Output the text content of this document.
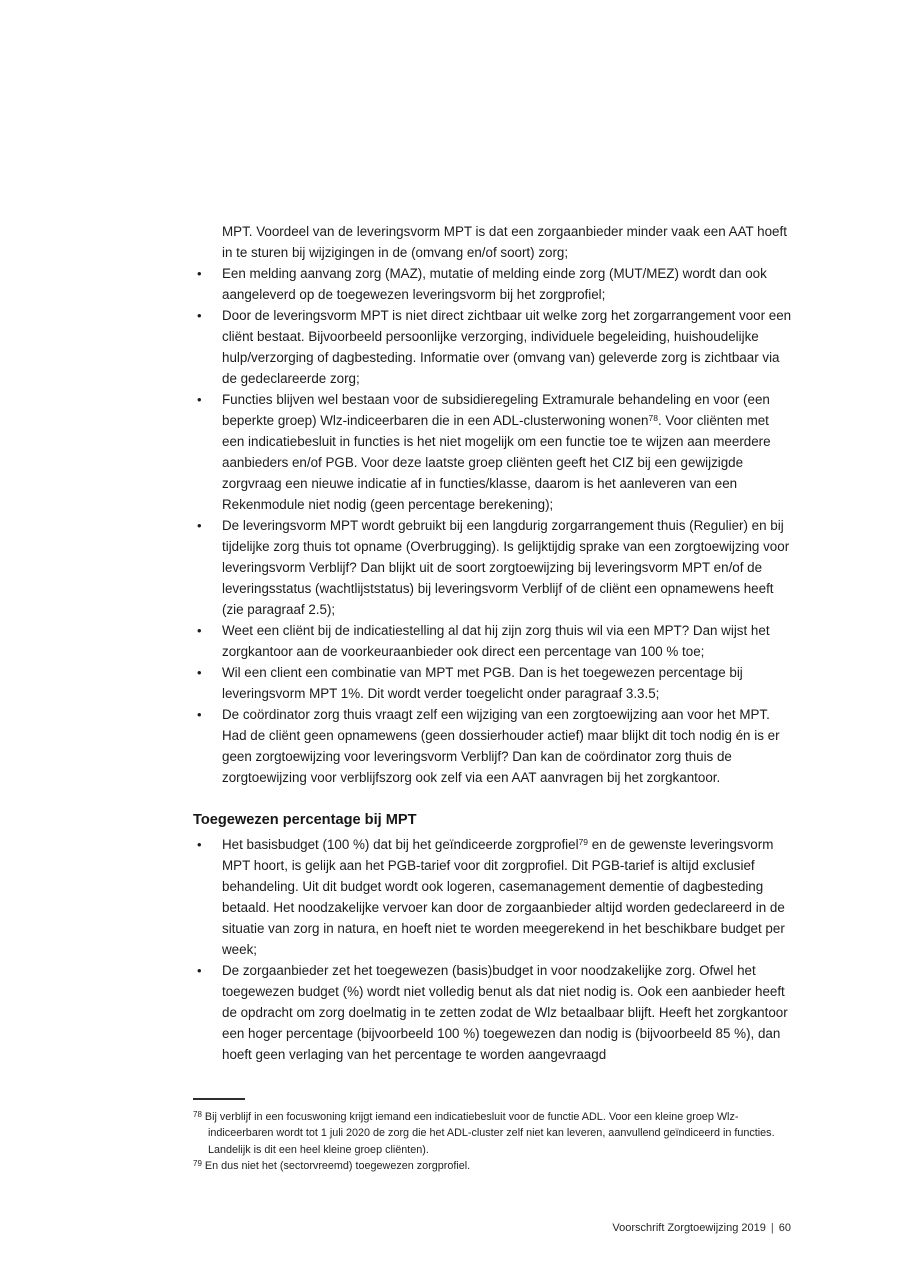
MPT. Voordeel van de leveringsvorm MPT is dat een zorgaanbieder minder vaak een AAT hoeft in te sturen bij wijzigingen in de (omvang en/of soort) zorg;

• Een melding aanvang zorg (MAZ), mutatie of melding einde zorg (MUT/MEZ) wordt dan ook aangeleverd op de toegewezen leveringsvorm bij het zorgprofiel;
• Door de leveringsvorm MPT is niet direct zichtbaar uit welke zorg het zorgarrangement voor een cliënt bestaat. Bijvoorbeeld persoonlijke verzorging, individuele begeleiding, huishoudelijke hulp/verzorging of dagbesteding. Informatie over (omvang van) geleverde zorg is zichtbaar via de gedeclareerde zorg;
• Functies blijven wel bestaan voor de subsidieregeling Extramurale behandeling en voor (een beperkte groep) Wlz-indiceerbaren die in een ADL-clusterwoning wonen$^{78}$. Voor cliënten met een indicatiebesluit in functies is het niet mogelijk om een functie toe te wijzen aan meerdere aanbieders en/of PGB. Voor deze laatste groep cliënten geeft het CIZ bij een gewijzigde zorgvraag een nieuwe indicatie af in functies/klasse, daarom is het aanleveren van een Rekenmodule niet nodig (geen percentage berekening);
• De leveringsvorm MPT wordt gebruikt bij een langdurig zorgarrangement thuis (Regulier) en bij tijdelijke zorg thuis tot opname (Overbrugging). Is gelijktijdig sprake van een zorgtoewijzing voor leveringsvorm Verblijf? Dan blijkt uit de soort zorgtoewijzing bij leveringsvorm MPT en/of de leveringsstatus (wachtlijststatus) bij leveringsvorm Verblijf of de cliënt een opnamewens heeft (zie paragraaf 2.5);
• Weet een cliënt bij de indicatiestelling al dat hij zijn zorg thuis wil via een MPT? Dan wijst het zorgkantoor aan de voorkeuraanbieder ook direct een percentage van 100 % toe;
• Wil een client een combinatie van MPT met PGB. Dan is het toegewezen percentage bij leveringsvorm MPT 1%. Dit wordt verder toegelicht onder paragraaf 3.3.5;
• De coördinator zorg thuis vraagt zelf een wijziging van een zorgtoewijzing aan voor het MPT. Had de cliënt geen opnamewens (geen dossierhouder actief) maar blijkt dit toch nodig én is er geen zorgtoewijzing voor leveringsvorm Verblijf? Dan kan de coördinator zorg thuis de zorgtoewijzing voor verblijfszorg ook zelf via een AAT aanvragen bij het zorgkantoor.
Toegewezen percentage bij MPT
• Het basisbudget (100 %) dat bij het geïndiceerde zorgprofiel$^{79}$ en de gewenste leveringsvorm MPT hoort, is gelijk aan het PGB-tarief voor dit zorgprofiel. Dit PGB-tarief is altijd exclusief behandeling. Uit dit budget wordt ook logeren, casemanagement dementie of dagbesteding betaald. Het noodzakelijke vervoer kan door de zorgaanbieder altijd worden gedeclareerd in de situatie van zorg in natura, en hoeft niet te worden meegerekend in het beschikbare budget per week;
• De zorgaanbieder zet het toegewezen (basis)budget in voor noodzakelijke zorg. Ofwel het toegewezen budget (%) wordt niet volledig benut als dat niet nodig is. Ook een aanbieder heeft de opdracht om zorg doelmatig in te zetten zodat de Wlz betaalbaar blijft. Heeft het zorgkantoor een hoger percentage (bijvoorbeeld 100 %) toegewezen dan nodig is (bijvoorbeeld 85 %), dan hoeft geen verlaging van het percentage te worden aangevraagd
$^{78}$ Bij verblijf in een focuswoning krijgt iemand een indicatiebesluit voor de functie ADL. Voor een kleine groep Wlz-indiceerbaren wordt tot 1 juli 2020 de zorg die het ADL-cluster zelf niet kan leveren, aanvullend geïndiceerd in functies. Landelijk is dit een heel kleine groep cliënten).
$^{79}$ En dus niet het (sectorvreemd) toegewezen zorgprofiel.
Voorschrift Zorgtoewijzing 2019 | 60
